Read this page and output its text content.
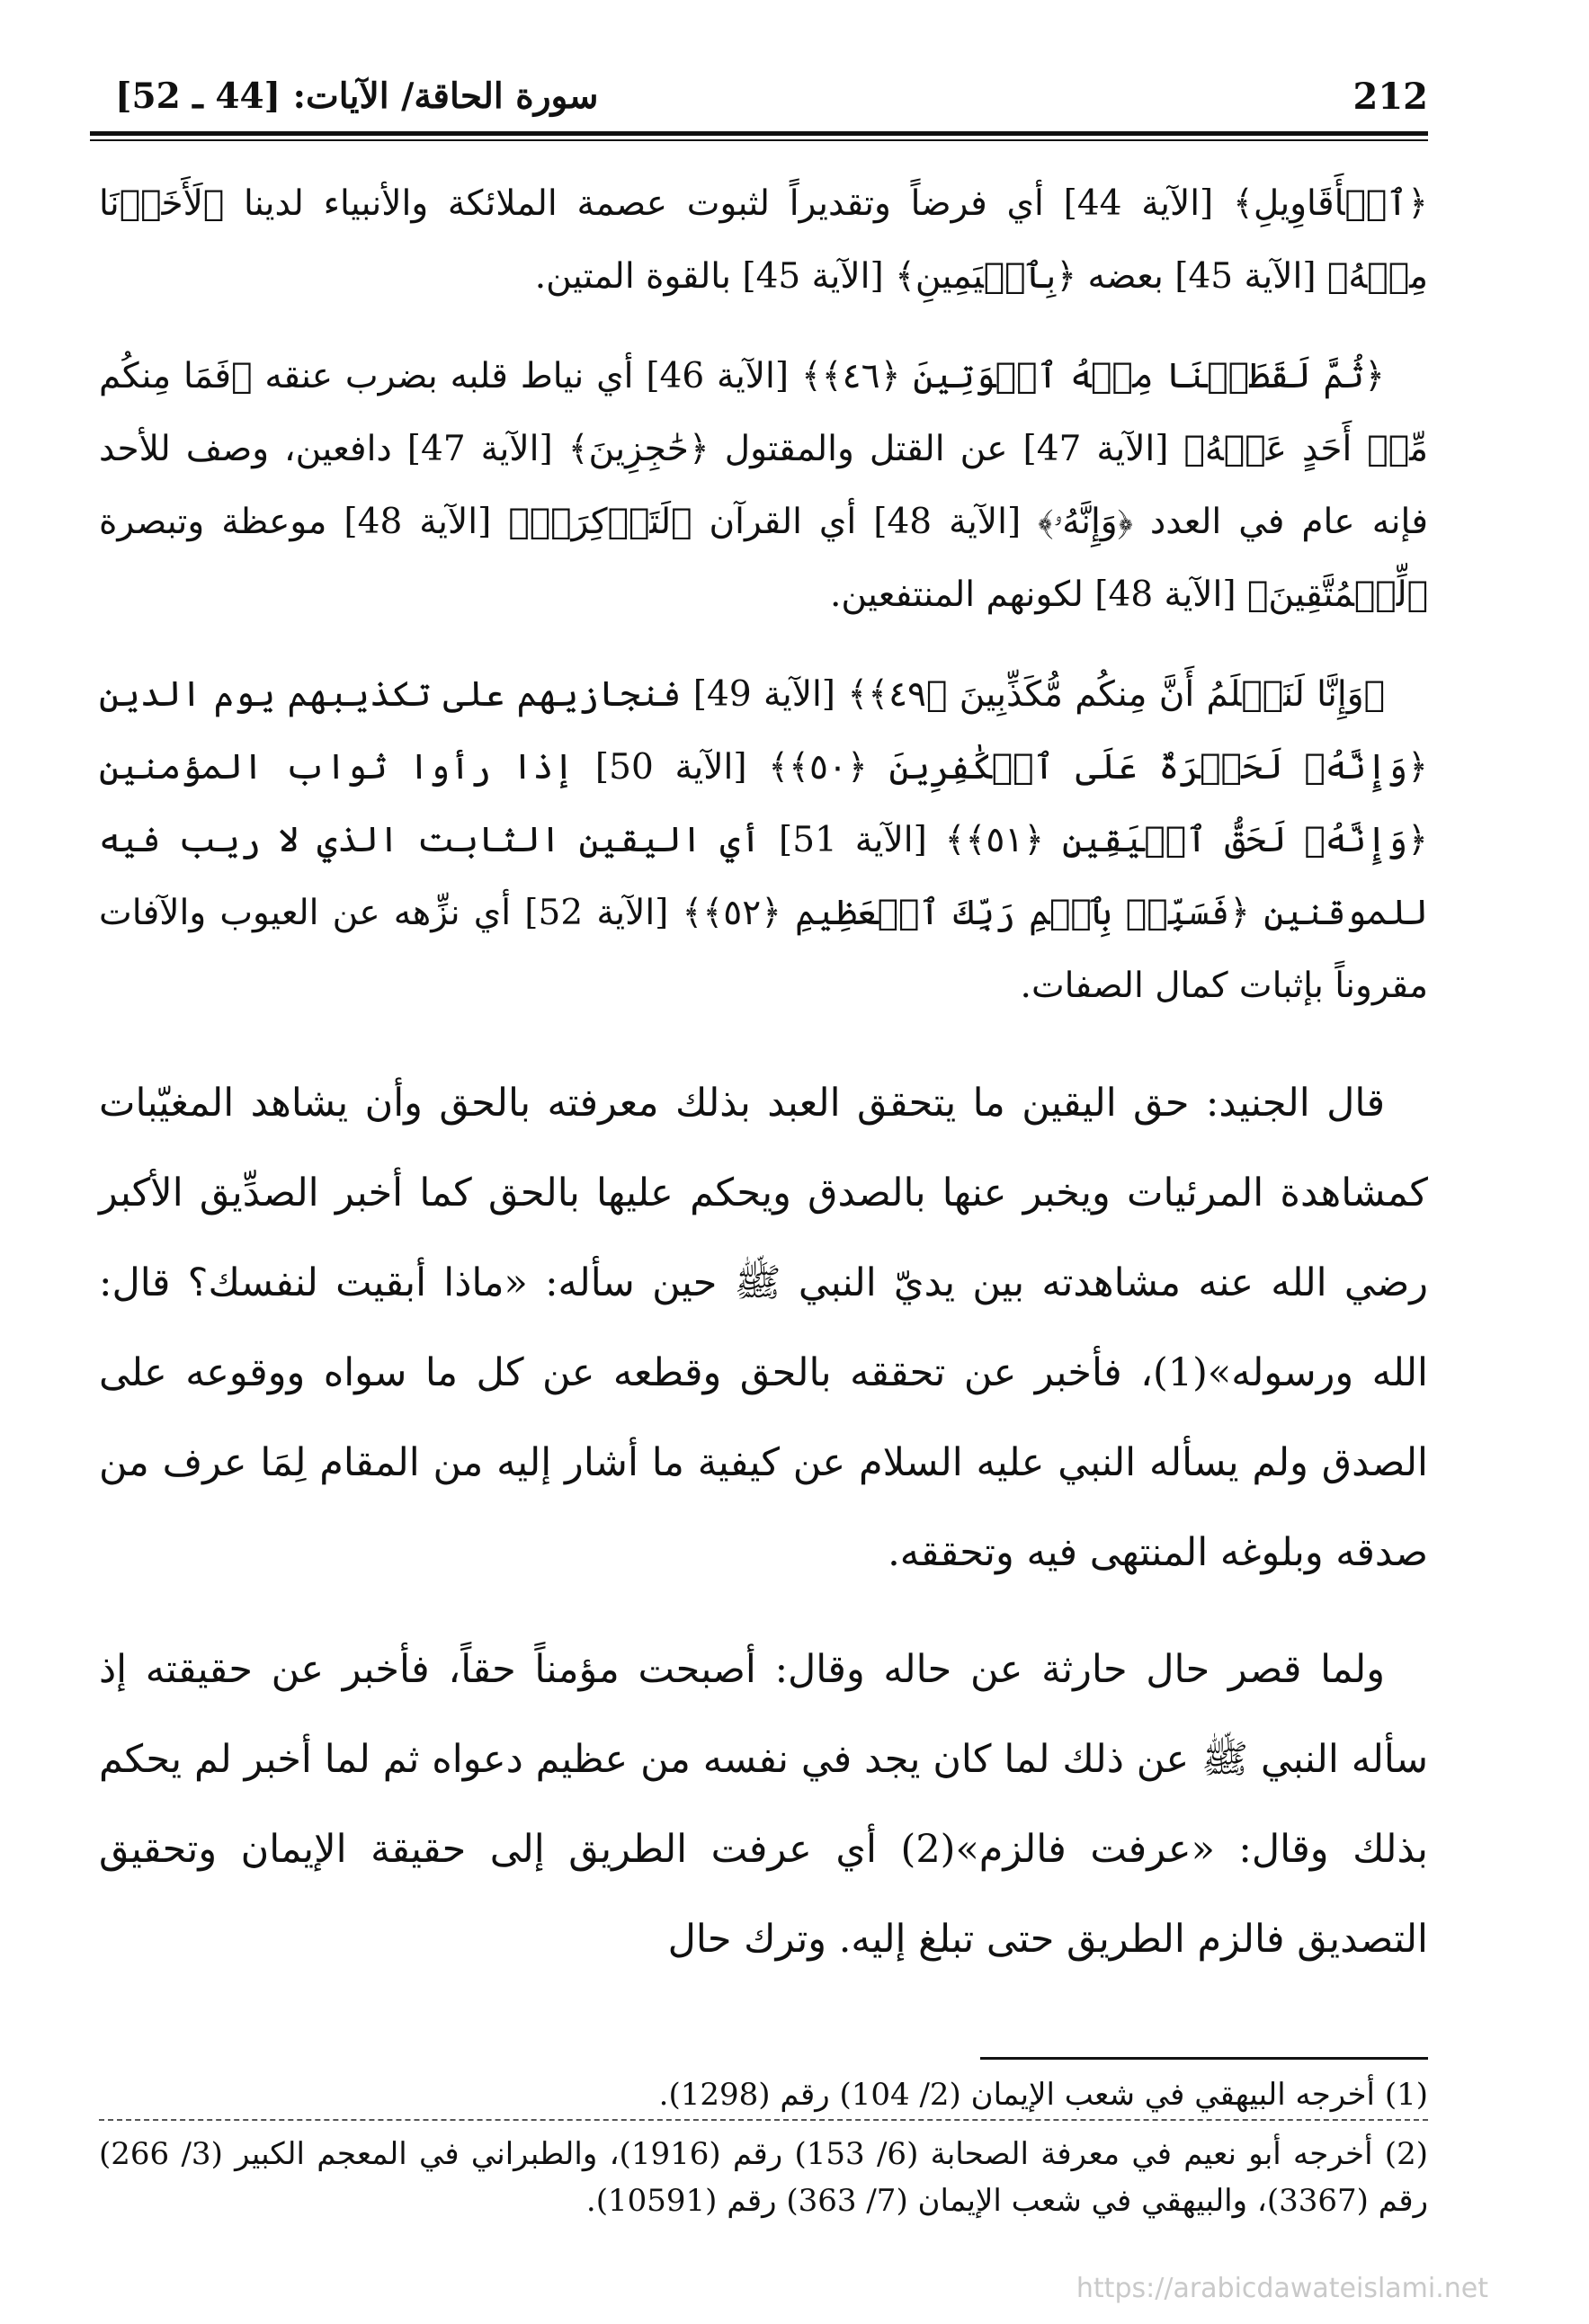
سورة الحاقة/ الآيات: [44 ـ 52]	212

﴿ٱلۡأَقَاوِيلِ﴾ [الآية 44] أي فرضاً وتقديراً لثبوت عصمة الملائكة والأنبياء لدينا ﴿لَأَخَذۡنَا مِنۡهُ﴾ [الآية 45] بعضه ﴿بِٱلۡيَمِينِ﴾ [الآية 45] بالقوة المتين.

﴿ثُمَّ لَقَطَعۡنَا مِنۡهُ ٱلۡوَتِينَ ﴿٤٦﴾﴾ [الآية 46] أي نياط قلبه بضرب عنقه ﴿فَمَا مِنكُم مِّنۡ أَحَدٍ عَنۡهُ﴾ [الآية 47] عن القتل والمقتول ﴿حَٰجِزِينَ﴾ [الآية 47] دافعين، وصف للأحد فإنه عام في العدد ﴿وَإِنَّهُۥ﴾ [الآية 48] أي القرآن ﴿لَتَذۡكِرَةٞ﴾ [الآية 48] موعظة وتبصرة ﴿لِّلۡمُتَّقِينَ﴾ [الآية 48] لكونهم المنتفعين.

﴿وَإِنَّا لَنَعۡلَمُ أَنَّ مِنكُم مُّكَذِّبِينَ ﴿٤٩﴾﴾ [الآية 49] فنجازيهم على تكذيبهم يوم الدين ﴿وَإِنَّهُۥ لَحَسۡرَةٌ عَلَى ٱلۡكَٰفِرِينَ ﴿٥٠﴾﴾ [الآية 50] إذا رأوا ثواب المؤمنين ﴿وَإِنَّهُۥ لَحَقُّ ٱلۡيَقِينِ ﴿٥١﴾﴾ [الآية 51] أي اليقين الثابت الذي لا ريب فيه للموقنين ﴿فَسَبِّحۡ بِٱسۡمِ رَبِّكَ ٱلۡعَظِيمِ ﴿٥٢﴾﴾ [الآية 52] أي نزِّهه عن العيوب والآفات مقروناً بإثبات كمال الصفات.

قال الجنيد: حق اليقين ما يتحقق العبد بذلك معرفته بالحق وأن يشاهد المغيّبات كمشاهدة المرئيات ويخبر عنها بالصدق ويحكم عليها بالحق كما أخبر الصدِّيق الأكبر رضي الله عنه مشاهدته بين يديّ النبي ﷺ حين سأله: «ماذا أبقيت لنفسك؟ قال: الله ورسوله»(1)، فأخبر عن تحققه بالحق وقطعه عن كل ما سواه ووقوعه على الصدق ولم يسأله النبي عليه السلام عن كيفية ما أشار إليه من المقام لِمَا عرف من صدقه وبلوغه المنتهى فيه وتحققه.

ولما قصر حال حارثة عن حاله وقال: أصبحت مؤمناً حقاً، فأخبر عن حقيقته إذ سأله النبي ﷺ عن ذلك لما كان يجد في نفسه من عظيم دعواه ثم لما أخبر لم يحكم بذلك وقال: «عرفت فالزم»(2) أي عرفت الطريق إلى حقيقة الإيمان وتحقيق التصديق فالزم الطريق حتى تبلغ إليه. وترك حال

(1) أخرجه البيهقي في شعب الإيمان (2/ 104) رقم (1298).

(2) أخرجه أبو نعيم في معرفة الصحابة (6/ 153) رقم (1916)، والطبراني في المعجم الكبير (3/ 266) رقم (3367)، والبيهقي في شعب الإيمان (7/ 363) رقم (10591).

https://arabicdawateislami.net
